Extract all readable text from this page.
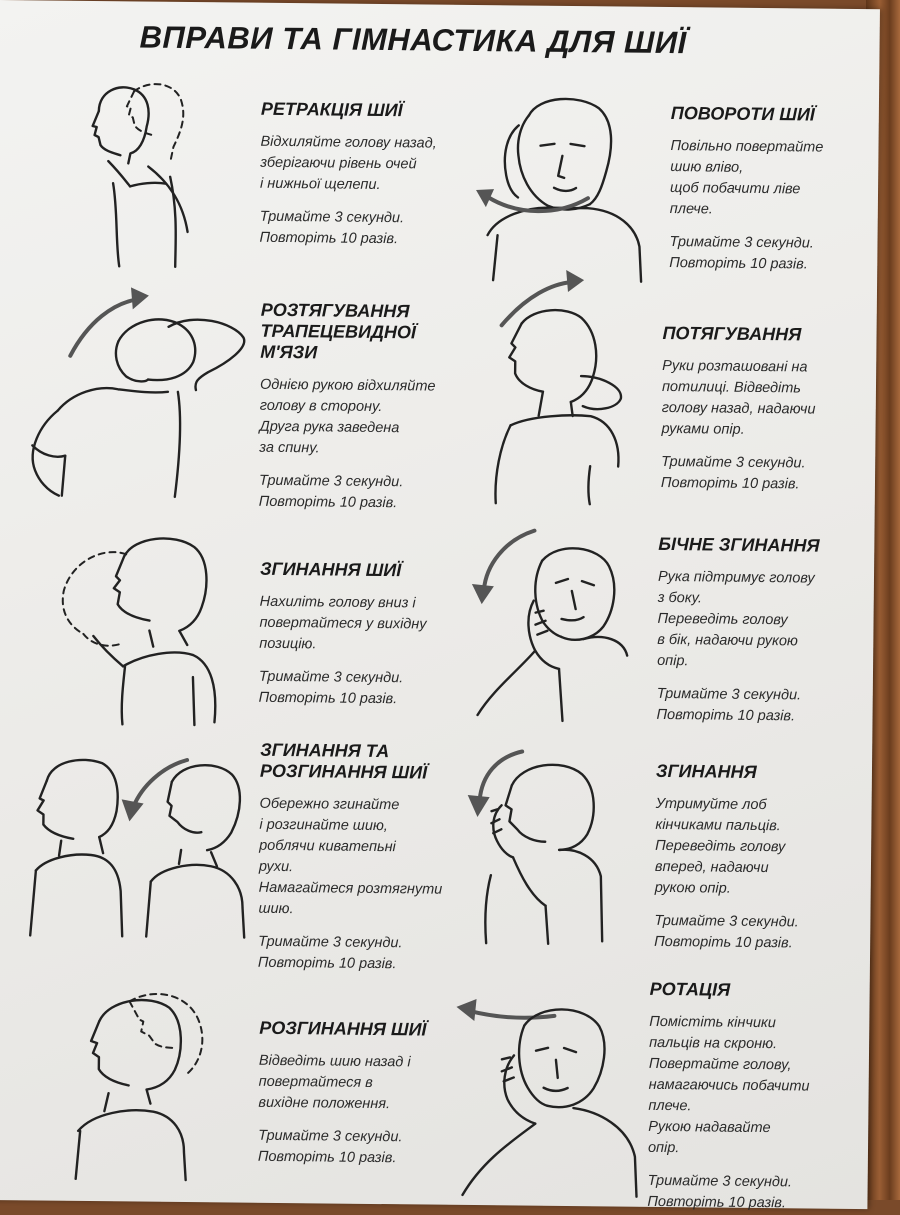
ВПРАВИ ТА ГІМНАСТИКА ДЛЯ ШИЇ
РЕТРАКЦІЯ ШИЇ

Відхиляйте голову назад,
зберігаючи рівень очей
і нижньої щелепи.

Тримайте 3 секунди.
Повторіть 10 разів.

ПОВОРОТИ ШИЇ

Повільно повертайте
шию вліво,
щоб побачити ліве
плече.

Тримайте 3 секунди.
Повторіть 10 разів.

РОЗТЯГУВАННЯ
ТРАПЕЦЕВИДНОЇ
М'ЯЗИ

Однією рукою відхиляйте
голову в сторону.
Друга рука заведена
за спину.

Тримайте 3 секунди.
Повторіть 10 разів.

ПОТЯГУВАННЯ

Руки розташовані на
потилиці. Відведіть
голову назад, надаючи
руками опір.

Тримайте 3 секунди.
Повторіть 10 разів.

ЗГИНАННЯ ШИЇ

Нахиліть голову вниз і
повертайтеся у вихідну
позицію.

Тримайте 3 секунди.
Повторіть 10 разів.

БІЧНЕ ЗГИНАННЯ

Рука підтримує голову
з боку.
Переведіть голову
в бік, надаючи рукою
опір.

Тримайте 3 секунди.
Повторіть 10 разів.

ЗГИНАННЯ ТА
РОЗГИНАННЯ ШИЇ

Обережно згинайте
і розгинайте шию,
роблячи киватепьні
рухи.
Намагайтеся розтягнути
шию.

Тримайте 3 секунди.
Повторіть 10 разів.

ЗГИНАННЯ

Утримуйте лоб
кінчиками пальців.
Переведіть голову
вперед, надаючи
рукою опір.

Тримайте 3 секунди.
Повторіть 10 разів.

РОЗГИНАННЯ ШИЇ

Відведіть шию назад і
повертайтеся в
вихідне положення.

Тримайте 3 секунди.
Повторіть 10 разів.

РОТАЦІЯ

Помістіть кінчики
пальців на скроню.
Повертайте голову,
намагаючись побачити
плече.
Рукою надавайте
опір.

Тримайте 3 секунди.
Повторіть 10 разів.
